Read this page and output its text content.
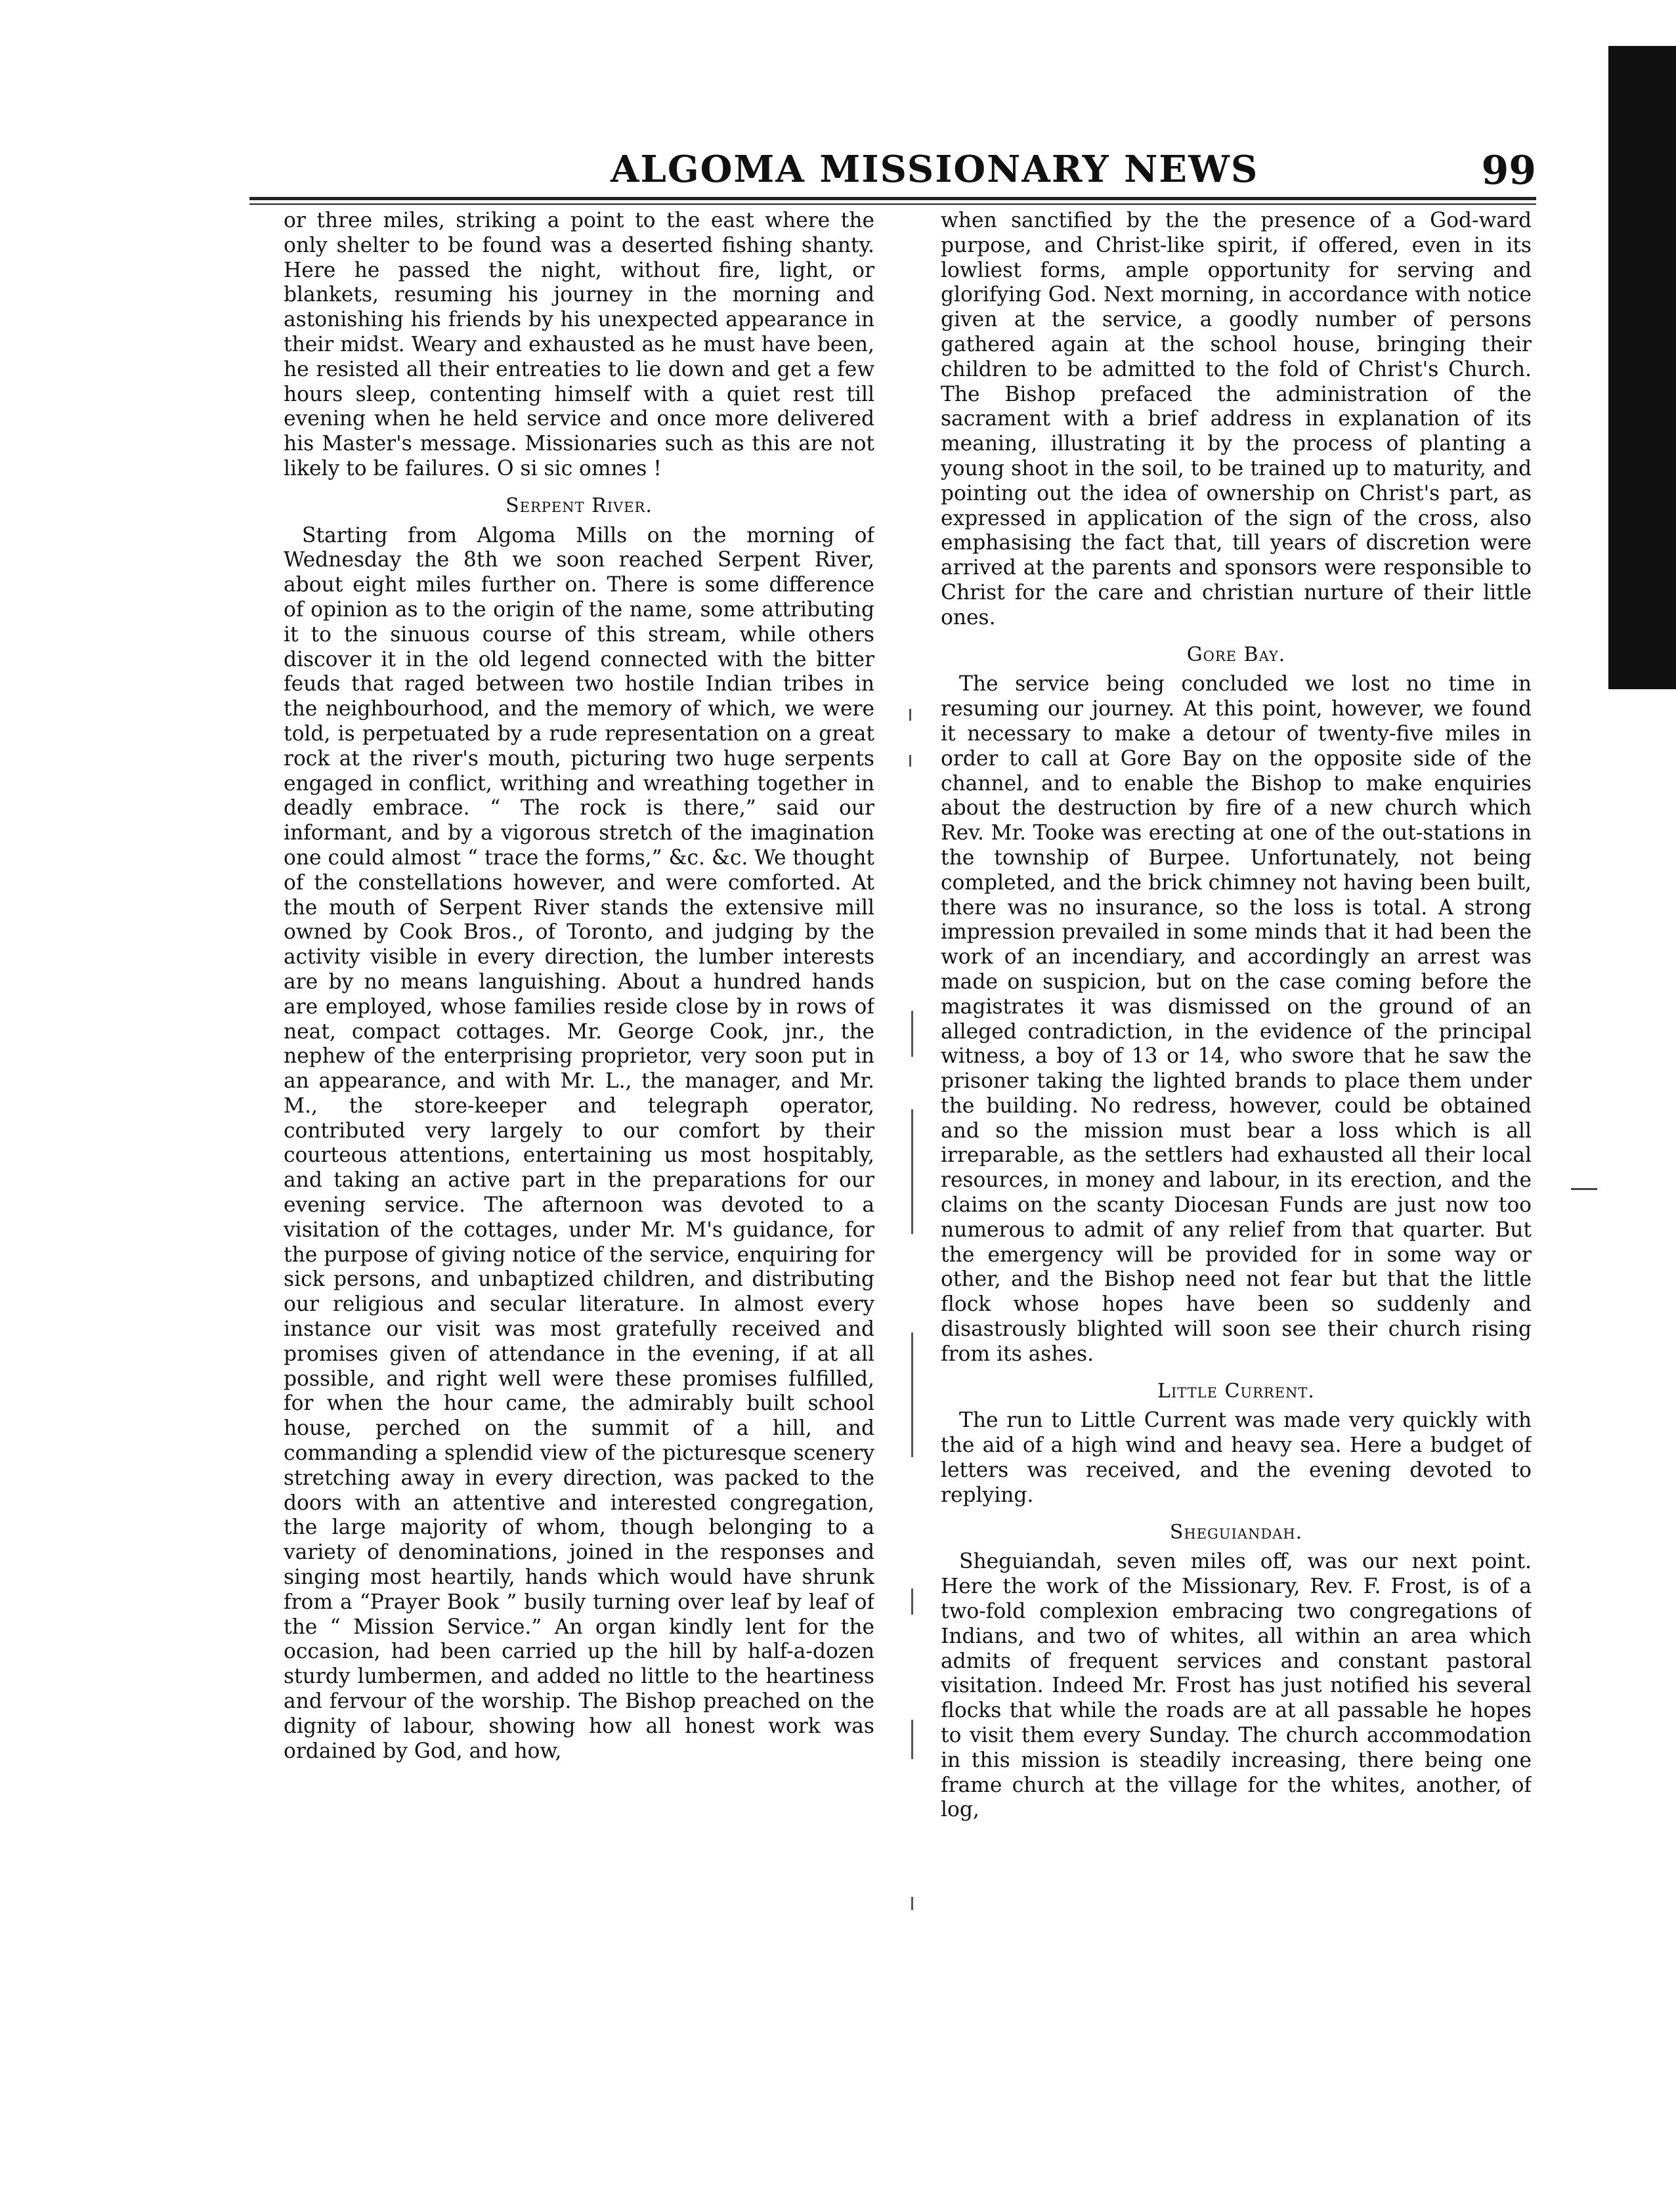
ALGOMA MISSIONARY NEWS	99

or three miles, striking a point to the east where the only shelter to be found was a deserted fishing shanty. Here he passed the night, without fire, light, or blankets, resuming his journey in the morning and astonishing his friends by his unexpected appearance in their midst. Weary and exhausted as he must have been, he resisted all their entreaties to lie down and get a few hours sleep, contenting himself with a quiet rest till evening when he held service and once more delivered his Master's message. Missionaries such as this are not likely to be failures. O si sic omnes !

Serpent River.

Starting from Algoma Mills on the morning of Wednesday the 8th we soon reached Serpent River, about eight miles further on. There is some difference of opinion as to the origin of the name, some attributing it to the sinuous course of this stream, while others discover it in the old legend connected with the bitter feuds that raged between two hostile Indian tribes in the neighbourhood, and the memory of which, we were told, is perpetuated by a rude representation on a great rock at the river's mouth, picturing two huge serpents engaged in conflict, writhing and wreathing together in deadly embrace. “ The rock is there,” said our informant, and by a vigorous stretch of the imagination one could almost “ trace the forms,” &c. &c. We thought of the constellations however, and were comforted. At the mouth of Serpent River stands the extensive mill owned by Cook Bros., of Toronto, and judging by the activity visible in every direction, the lumber interests are by no means languishing. About a hundred hands are employed, whose families reside close by in rows of neat, compact cottages. Mr. George Cook, jnr., the nephew of the enterprising proprietor, very soon put in an appearance, and with Mr. L., the manager, and Mr. M., the store-keeper and telegraph operator, contributed very largely to our comfort by their courteous attentions, entertaining us most hospitably, and taking an active part in the preparations for our evening service. The afternoon was devoted to a visitation of the cottages, under Mr. M's guidance, for the purpose of giving notice of the service, enquiring for sick persons, and unbaptized children, and distributing our religious and secular literature. In almost every instance our visit was most gratefully received and promises given of attendance in the evening, if at all possible, and right well were these promises fulfilled, for when the hour came, the admirably built school house, perched on the summit of a hill, and commanding a splendid view of the picturesque scenery stretching away in every direction, was packed to the doors with an attentive and interested congregation, the large majority of whom, though belonging to a variety of denominations, joined in the responses and singing most heartily, hands which would have shrunk from a “Prayer Book ” busily turning over leaf by leaf of the “ Mission Service.” An organ kindly lent for the occasion, had been carried up the hill by half-a-dozen sturdy lumbermen, and added no little to the heartiness and fervour of the worship. The Bishop preached on the dignity of labour, showing how all honest work was ordained by God, and how,

when sanctified by the the presence of a God-ward purpose, and Christ-like spirit, if offered, even in its lowliest forms, ample opportunity for serving and glorifying God. Next morning, in accordance with notice given at the service, a goodly number of persons gathered again at the school house, bringing their children to be admitted to the fold of Christ's Church. The Bishop prefaced the administration of the sacrament with a brief address in explanation of its meaning, illustrating it by the process of planting a young shoot in the soil, to be trained up to maturity, and pointing out the idea of ownership on Christ's part, as expressed in application of the sign of the cross, also emphasising the fact that, till years of discretion were arrived at the parents and sponsors were responsible to Christ for the care and christian nurture of their little ones.

Gore Bay.

The service being concluded we lost no time in resuming our journey. At this point, however, we found it necessary to make a detour of twenty-five miles in order to call at Gore Bay on the opposite side of the channel, and to enable the Bishop to make enquiries about the destruction by fire of a new church which Rev. Mr. Tooke was erecting at one of the out-stations in the township of Burpee. Unfortunately, not being completed, and the brick chimney not having been built, there was no insurance, so the loss is total. A strong impression prevailed in some minds that it had been the work of an incendiary, and accordingly an arrest was made on suspicion, but on the case coming before the magistrates it was dismissed on the ground of an alleged contradiction, in the evidence of the principal witness, a boy of 13 or 14, who swore that he saw the prisoner taking the lighted brands to place them under the building. No redress, however, could be obtained and so the mission must bear a loss which is all irreparable, as the settlers had exhausted all their local resources, in money and labour, in its erection, and the claims on the scanty Diocesan Funds are just now too numerous to admit of any relief from that quarter. But the emergency will be provided for in some way or other, and the Bishop need not fear but that the little flock whose hopes have been so suddenly and disastrously blighted will soon see their church rising from its ashes.

Little Current.

The run to Little Current was made very quickly with the aid of a high wind and heavy sea. Here a budget of letters was received, and the evening devoted to replying.

Sheguiandah.

Sheguiandah, seven miles off, was our next point. Here the work of the Missionary, Rev. F. Frost, is of a two-fold complexion embracing two congregations of Indians, and two of whites, all within an area which admits of frequent services and constant pastoral visitation. Indeed Mr. Frost has just notified his several flocks that while the roads are at all passable he hopes to visit them every Sunday. The church accommodation in this mission is steadily increasing, there being one frame church at the village for the whites, another, of log,
